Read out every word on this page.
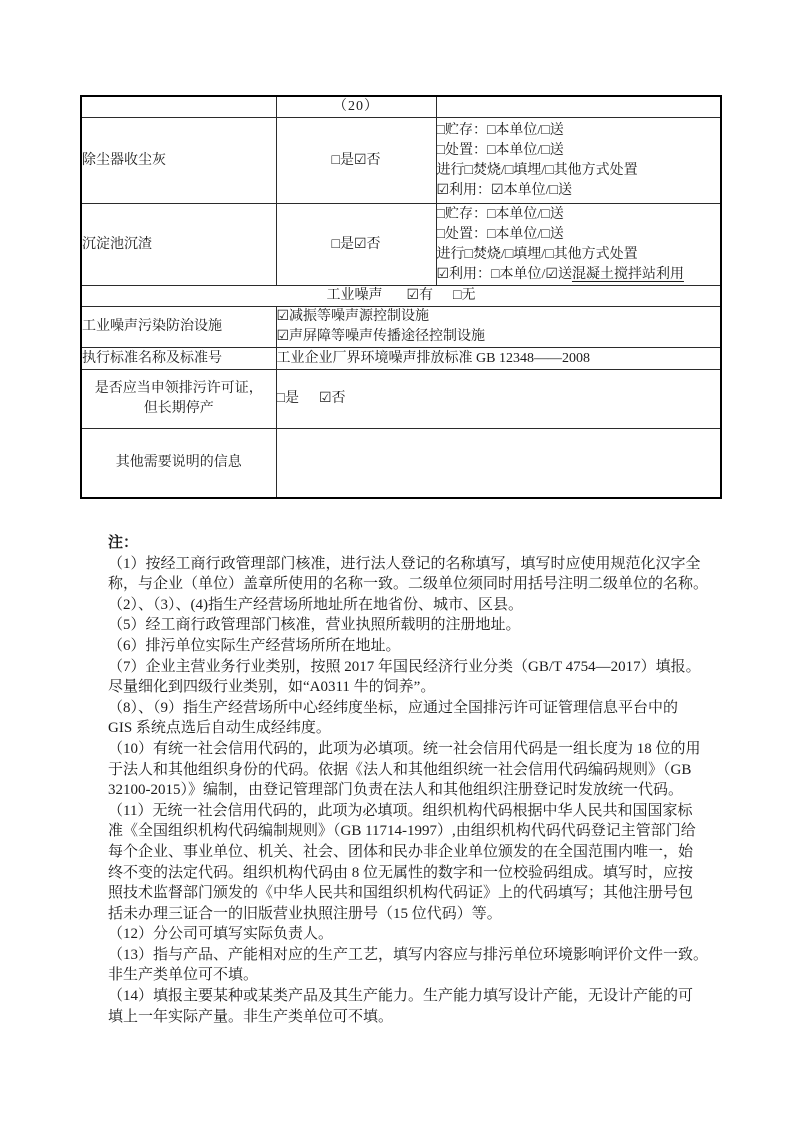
	（20）	
除尘器收尘灰	□是☑否	□贮存：□本单位/□送
□处置：□本单位/□送
进行□焚烧/□填埋/□其他方式处置
☑利用：☑本单位/□送

沉淀池沉渣	□是☑否	□贮存：□本单位/□送
□处置：□本单位/□送
进行□焚烧/□填埋/□其他方式处置
☑利用：□本单位/☑送混凝土搅拌站利用

工业噪声 ☑有 □无		
工业噪声污染防治设施	☑减振等噪声源控制设施
☑声屏障等噪声传播途径控制设施	

执行标准名称及标准号	工业企业厂界环境噪声排放标准 GB 12348——2008	

是否应当申领排污许可证，
但长期停产	□是 ☑否	
其他需要说明的信息		
注：
（1）按经工商行政管理部门核准，进行法人登记的名称填写，填写时应使用规范化汉字全
称，与企业（单位）盖章所使用的名称一致。二级单位须同时用括号注明二级单位的名称。
（2）、（3）、(4)指生产经营场所地址所在地省份、城市、区县。
（5）经工商行政管理部门核准，营业执照所载明的注册地址。
（6）排污单位实际生产经营场所所在地址。
（7）企业主营业务行业类别，按照 2017 年国民经济行业分类（GB/T 4754—2017）填报。
尽量细化到四级行业类别，如“A0311 牛的饲养”。
（8）、（9）指生产经营场所中心经纬度坐标，应通过全国排污许可证管理信息平台中的
GIS 系统点选后自动生成经纬度。
（10）有统一社会信用代码的，此项为必填项。统一社会信用代码是一组长度为 18 位的用
于法人和其他组织身份的代码。依据《法人和其他组织统一社会信用代码编码规则》（GB
32100-2015）》编制，由登记管理部门负责在法人和其他组织注册登记时发放统一代码。
（11）无统一社会信用代码的，此项为必填项。组织机构代码根据中华人民共和国国家标
准《全国组织机构代码编制规则》（GB 11714-1997）,由组织机构代码代码登记主管部门给
每个企业、事业单位、机关、社会、团体和民办非企业单位颁发的在全国范围内唯一，始
终不变的法定代码。组织机构代码由 8 位无属性的数字和一位校验码组成。填写时，应按
照技术监督部门颁发的《中华人民共和国组织机构代码证》上的代码填写；其他注册号包
括未办理三证合一的旧版营业执照注册号（15 位代码）等。
（12）分公司可填写实际负责人。
（13）指与产品、产能相对应的生产工艺，填写内容应与排污单位环境影响评价文件一致。
非生产类单位可不填。
（14）填报主要某种或某类产品及其生产能力。生产能力填写设计产能，无设计产能的可
填上一年实际产量。非生产类单位可不填。
